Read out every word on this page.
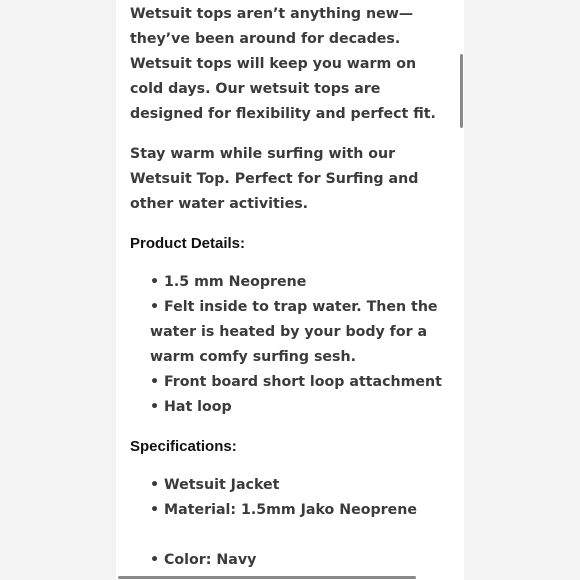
Wetsuit tops aren’t anything new—they’ve been around for decades. Wetsuit tops will keep you warm on cold days. Our wetsuit tops are designed for flexibility and perfect fit.

Stay warm while surfing with our Wetsuit Top. Perfect for Surfing and other water activities.

Product Details:
• 1.5 mm Neoprene
• Felt inside to trap water. Then the water is heated by your body for a warm comfy surfing sesh.
• Front board short loop attachment
• Hat loop
Specifications:
• Wetsuit Jacket
• Material: 1.5mm Jako Neoprene
• Color: Navy
